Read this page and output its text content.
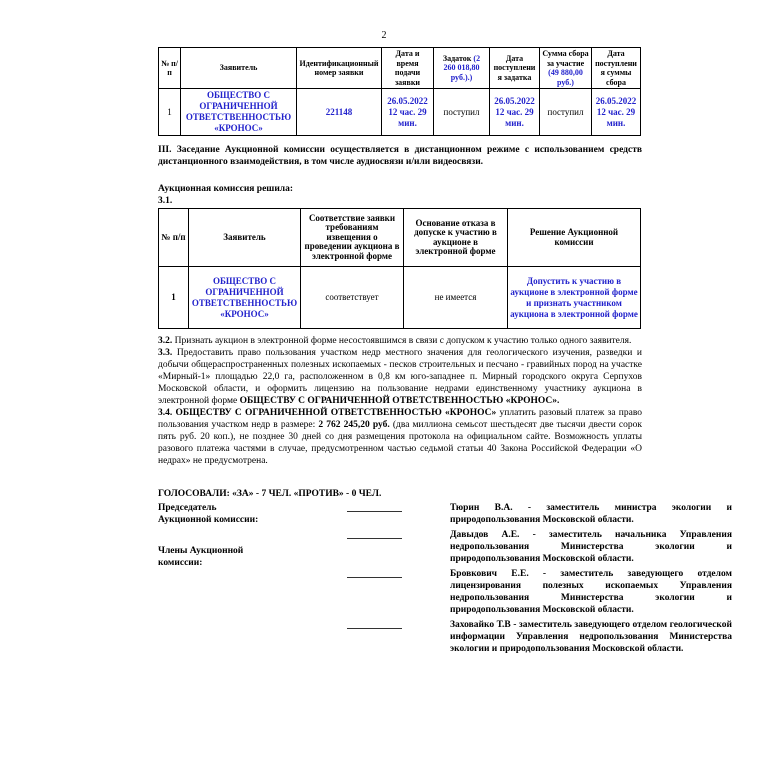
2
№ п/п	Заявитель	Идентификационный номер заявки	Дата и время подачи заявки	Задаток (2 260 018,80 руб.).)	Дата поступления задатка	Сумма сбора за участие (49 880,00 руб.)	Дата поступления суммы сбора
1	ОБЩЕСТВО С ОГРАНИЧЕННОЙ ОТВЕТСТВЕННОСТЬЮ «КРОНОС»	221148	26.05.2022 12 час. 29 мин.	поступил	26.05.2022 12 час. 29 мин.	поступил	26.05.2022 12 час. 29 мин.

III. Заседание Аукционной комиссии осуществляется в дистанционном режиме с использованием средств дистанционного взаимодействия, в том числе аудиосвязи и/или видеосвязи.

Аукционная комиссия решила:

3.1.

№ п/п	Заявитель	Соответствие заявки требованиям извещения о проведении аукциона в электронной форме	Основание отказа в допуске к участию в аукционе в электронной форме	Решение Аукционной комиссии
1	ОБЩЕСТВО С ОГРАНИЧЕННОЙ ОТВЕТСТВЕННОСТЬЮ «КРОНОС»	соответствует	не имеется	Допустить к участию в аукционе в электронной форме и признать участником аукциона в электронной форме

3.2. Признать аукцион в электронной форме несостоявшимся в связи с допуском к участию только одного заявителя.

3.3. Предоставить право пользования участком недр местного значения для геологического изучения, разведки и добычи общераспространенных полезных ископаемых - песков строительных и песчано - гравийных пород на участке «Мирный-1» площадью 22,0 га, расположенном в 0,8 км юго-западнее п. Мирный городского округа Серпухов Московской области, и оформить лицензию на пользование недрами единственному участнику аукциона в электронной форме ОБЩЕСТВУ С ОГРАНИЧЕННОЙ ОТВЕТСТВЕННОСТЬЮ «КРОНОС».

3.4. ОБЩЕСТВУ С ОГРАНИЧЕННОЙ ОТВЕТСТВЕННОСТЬЮ «КРОНОС» уплатить разовый платеж за право пользования участком недр в размере: 2 762 245,20 руб. (два миллиона семьсот шестьдесят две тысячи двести сорок пять руб. 20 коп.), не позднее 30 дней со дня размещения протокола на официальном сайте. Возможность уплаты разового платежа частями в случае, предусмотренном частью седьмой статьи 40 Закона Российской Федерации «О недрах» не предусмотрена.

ГОЛОСОВАЛИ: «ЗА» - 7 ЧЕЛ. «ПРОТИВ» - 0 ЧЕЛ.

Председатель Аукционной комиссии:
Члены Аукционной комиссии:
Тюрин В.А. - заместитель министра экологии и природопользования Московской области.
Давыдов А.Е. - заместитель начальника Управления недропользования Министерства экологии и природопользования Московской области.
Бровкович Е.Е. - заместитель заведующего отделом лицензирования полезных ископаемых Управления недропользования Министерства экологии и природопользования Московской области.
Заховайко Т.В - заместитель заведующего отделом геологической информации Управления недропользования Министерства экологии и природопользования Московской области.
